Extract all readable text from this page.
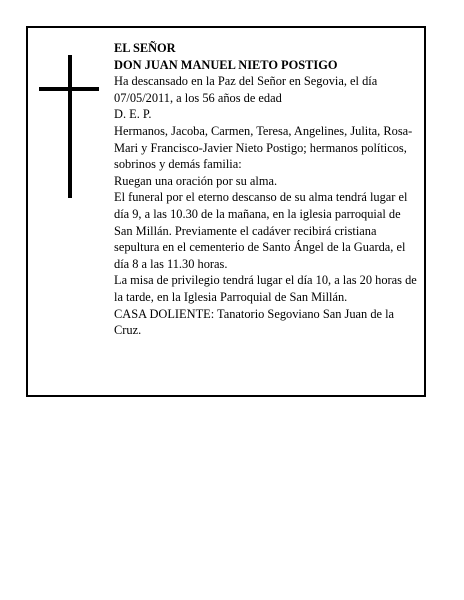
EL SEÑOR

DON JUAN MANUEL NIETO POSTIGO

Ha descansado en la Paz del Señor en Segovia, el día 07/05/2011, a los 56 años de edad

D. E. P.

Hermanos, Jacoba, Carmen, Teresa, Angelines, Julita, Rosa-Mari y Francisco-Javier Nieto Postigo; hermanos políticos, sobrinos y demás familia:

Ruegan una oración por su alma.

El funeral por el eterno descanso de su alma tendrá lugar el día 9, a las 10.30 de la mañana, en la iglesia parroquial de San Millán. Previamente el cadáver recibirá cristiana sepultura en el cementerio de Santo Ángel de la Guarda, el día 8 a las 11.30 horas.

La misa de privilegio tendrá lugar el día 10, a las 20 horas de la tarde, en la Iglesia Parroquial de San Millán.

CASA DOLIENTE: Tanatorio Segoviano San Juan de la Cruz.
